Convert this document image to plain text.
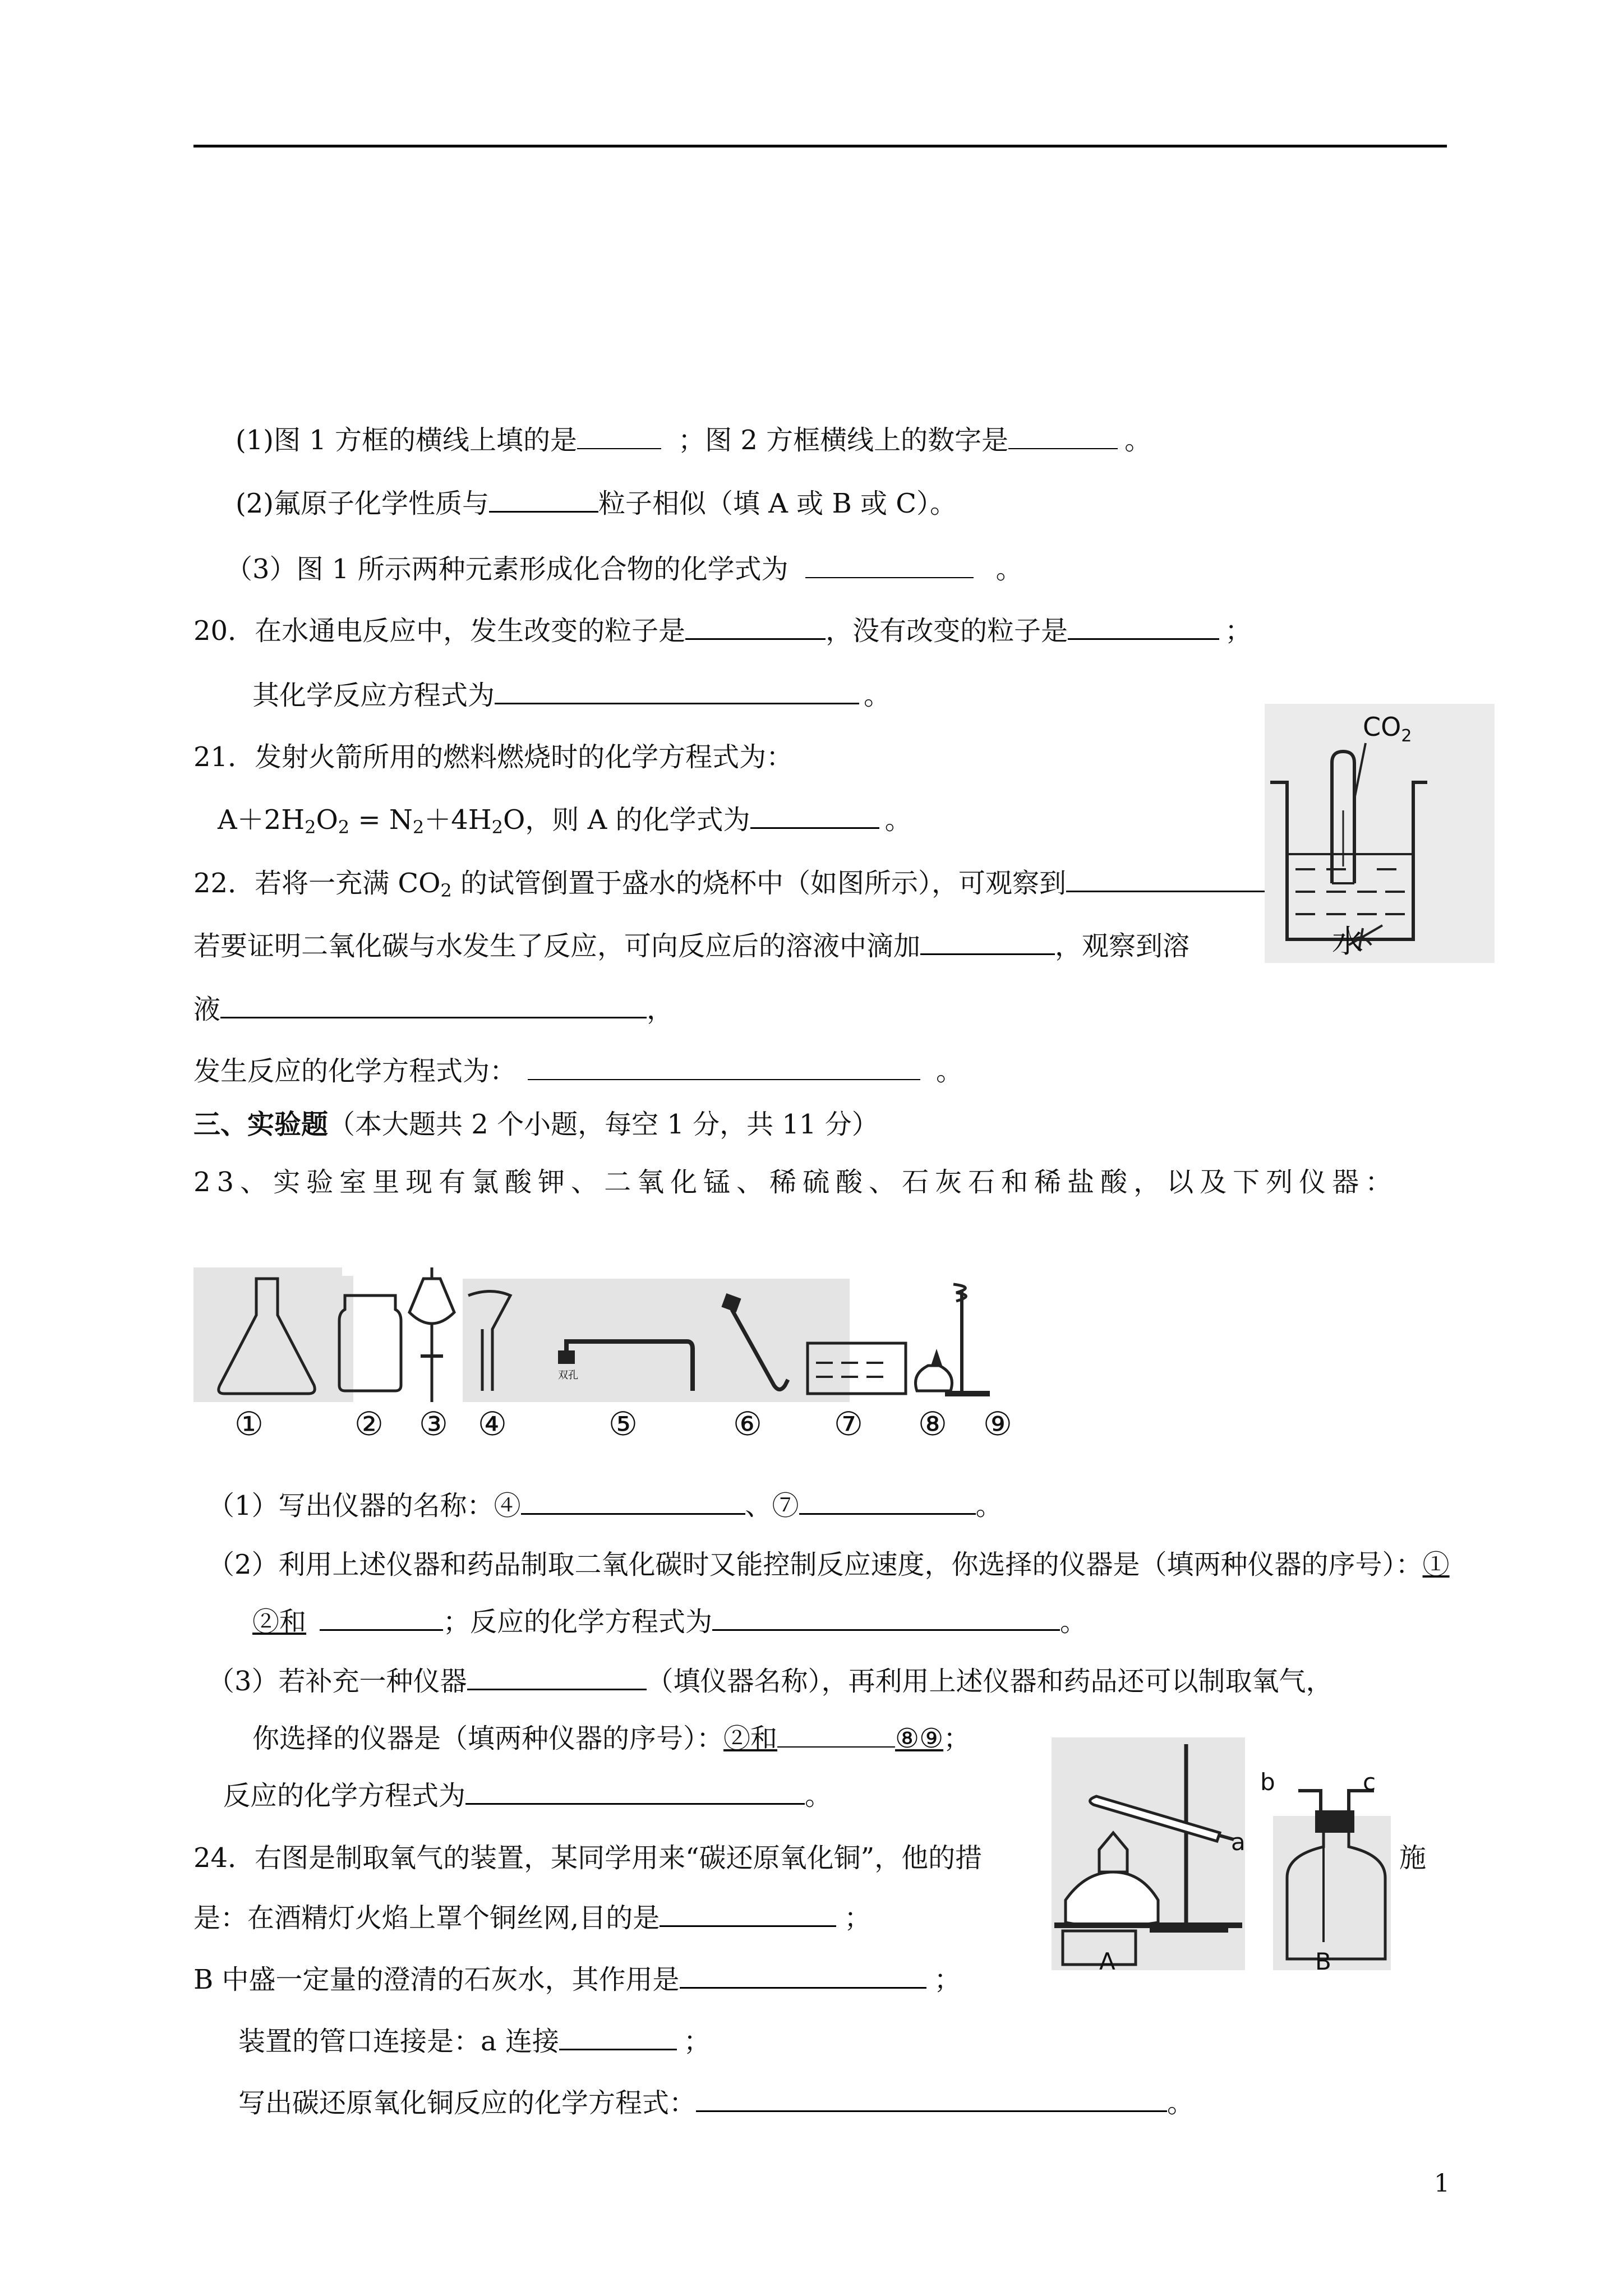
(1)图 1 方框的横线上填的是	；图 2 方框横线上的数字是	。
(2)氟原子化学性质与	粒子相似（填 A 或 B 或 C）。
（3）图 1 所示两种元素形成化合物的化学式为	。
20．在水通电反应中，发生改变的粒子是	，没有改变的粒子是	；
其化学反应方程式为	。
21．发射火箭所用的燃料燃烧时的化学方程式为：
$A+2H_2O_2 = N_2+4H_2O$，则 A 的化学式为	。
22．若将一充满 $CO_2$ 的试管倒置于盛水的烧杯中（如图所示），可观察到
若要证明二氧化碳与水发生了反应，可向反应后的溶液中滴加	，观察到溶
液	，
发生反应的化学方程式为：	。
$CO_2$
水
三、实验题（本大题共 2 个小题，每空 1 分，共 11 分）
23、实验室里现有氯酸钾、二氧化锰、稀硫酸、石灰石和稀盐酸，以及下列仪器：
双孔
①	② ③ ④	⑤	⑥ ⑦ ⑧ ⑨
（1）写出仪器的名称：④	、⑦	。
（2）利用上述仪器和药品制取二氧化碳时又能控制反应速度，你选择的仪器是（填两种仪器的序号）：①
②和	；反应的化学方程式为	。
（3）若补充一种仪器	（填仪器名称），再利用上述仪器和药品还可以制取氧气，
你选择的仪器是（填两种仪器的序号）：②和	⑧⑨；
反应的化学方程式为	。
24．右图是制取氧气的装置，某同学用来“碳还原氧化铜”，他的措	施
是：在酒精灯火焰上罩个铜丝网,目的是	；
B 中盛一定量的澄清的石灰水，其作用是	；
装置的管口连接是：a 连接	；
写出碳还原氧化铜反应的化学方程式：	。
a
b	c
A	B
1
